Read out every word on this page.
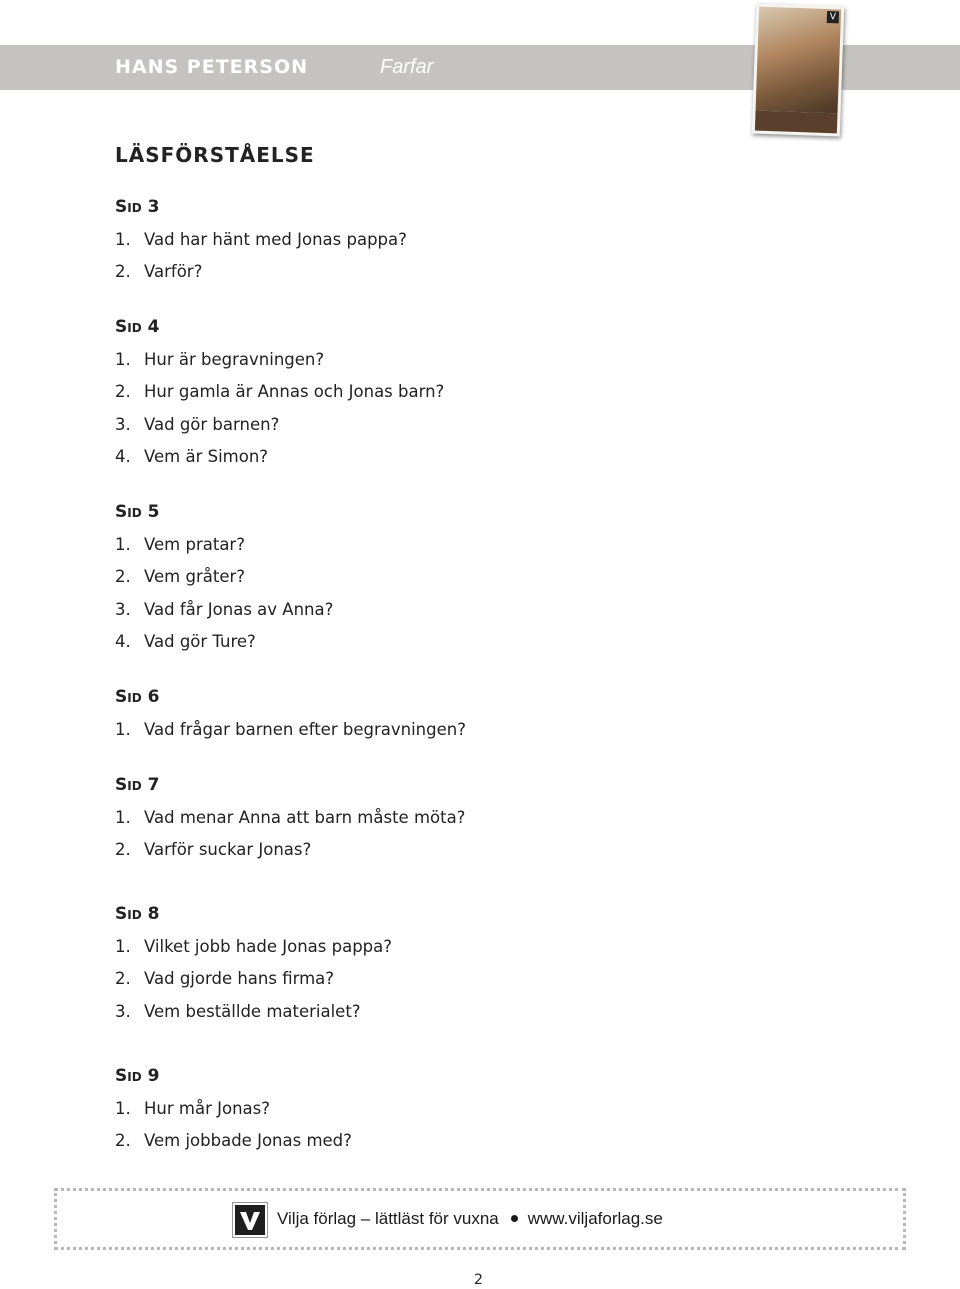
HANS PETERSON	Farfar
V
LÄSFÖRSTÅELSE
Sid 3
1. Vad har hänt med Jonas pappa?
2. Varför?
Sid 4
1. Hur är begravningen?
2. Hur gamla är Annas och Jonas barn?
3. Vad gör barnen?
4. Vem är Simon?
Sid 5
1. Vem pratar?
2. Vem gråter?
3. Vad får Jonas av Anna?
4. Vad gör Ture?
Sid 6
1. Vad frågar barnen efter begravningen?
Sid 7
1. Vad menar Anna att barn måste möta?
2. Varför suckar Jonas?
Sid 8
1. Vilket jobb hade Jonas pappa?
2. Vad gjorde hans firma?
3. Vem beställde materialet?
Sid 9
1. Hur mår Jonas?
2. Vem jobbade Jonas med?
Vilja förlag – lättläst för vuxna www.viljaforlag.se
2
